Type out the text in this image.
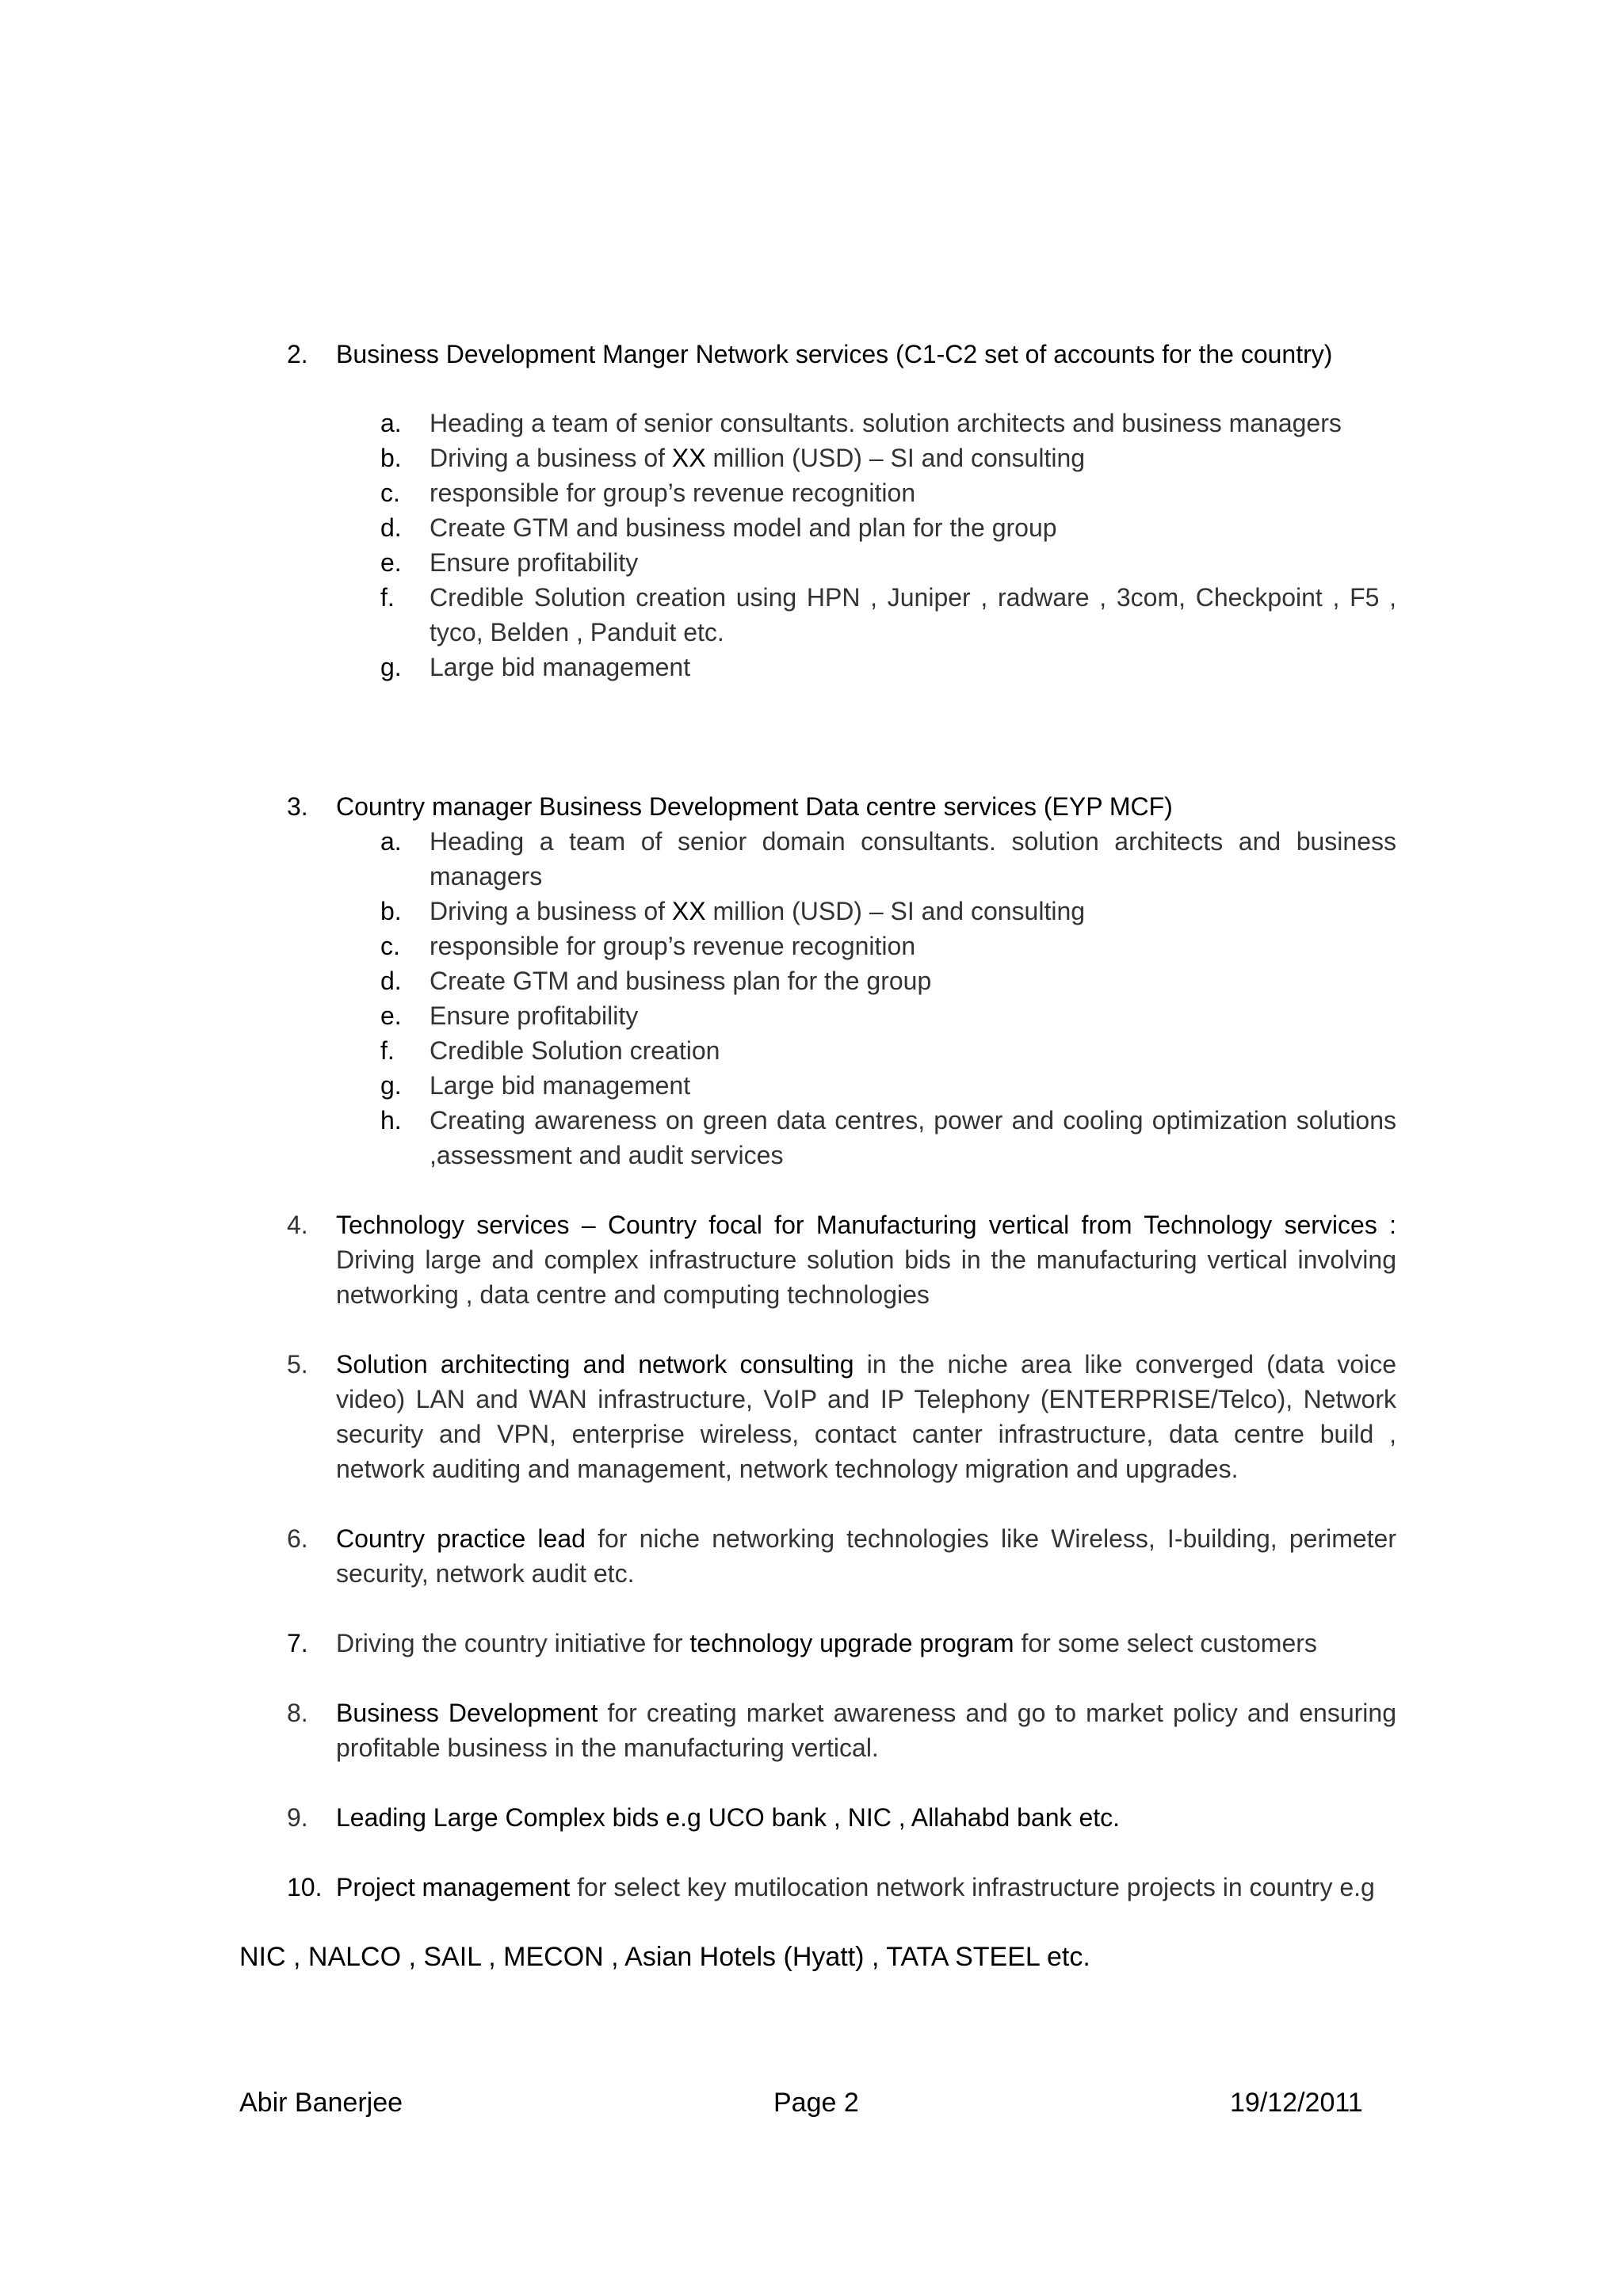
2.	Business Development Manger Network services (C1-C2 set of accounts for the country)
a.	Heading a team of senior consultants. solution architects and business managers
b.	Driving a business of XX million (USD) – SI and consulting
c.	responsible for group’s revenue recognition
d.	Create GTM and business model and plan for the group
e.	Ensure profitability
f.	Credible Solution creation using HPN , Juniper , radware , 3com, Checkpoint , F5 , tyco, Belden , Panduit etc.
g.	Large bid management
3.	Country manager Business Development Data centre services (EYP MCF)
a.	Heading a team of senior domain consultants. solution architects and business managers
b.	Driving a business of XX million (USD) – SI and consulting
c.	responsible for group’s revenue recognition
d.	Create GTM and business plan for the group
e.	Ensure profitability
f.	Credible Solution creation
g.	Large bid management
h.	Creating awareness on green data centres, power and cooling optimization solutions ,assessment and audit services
4.	Technology services – Country focal for Manufacturing vertical from Technology services : Driving large and complex infrastructure solution bids in the manufacturing vertical involving networking , data centre and computing technologies
5.	Solution architecting and network consulting in the niche area like converged (data voice video) LAN and WAN infrastructure, VoIP and IP Telephony (ENTERPRISE/Telco), Network security and VPN, enterprise wireless, contact canter infrastructure, data centre build , network auditing and management, network technology migration and upgrades.
6.	Country practice lead for niche networking technologies like Wireless, I-building, perimeter security, network audit etc.
7.	Driving the country initiative for technology upgrade program for some select customers
8.	Business Development for creating market awareness and go to market policy and ensuring profitable business in the manufacturing vertical.
9.	Leading Large Complex bids e.g UCO bank , NIC , Allahabd bank etc.
10. Project management for select key mutilocation network infrastructure projects in country e.g
NIC , NALCO , SAIL , MECON , Asian Hotels (Hyatt) , TATA STEEL etc.
Abir Banerjee	Page 2	19/12/2011
